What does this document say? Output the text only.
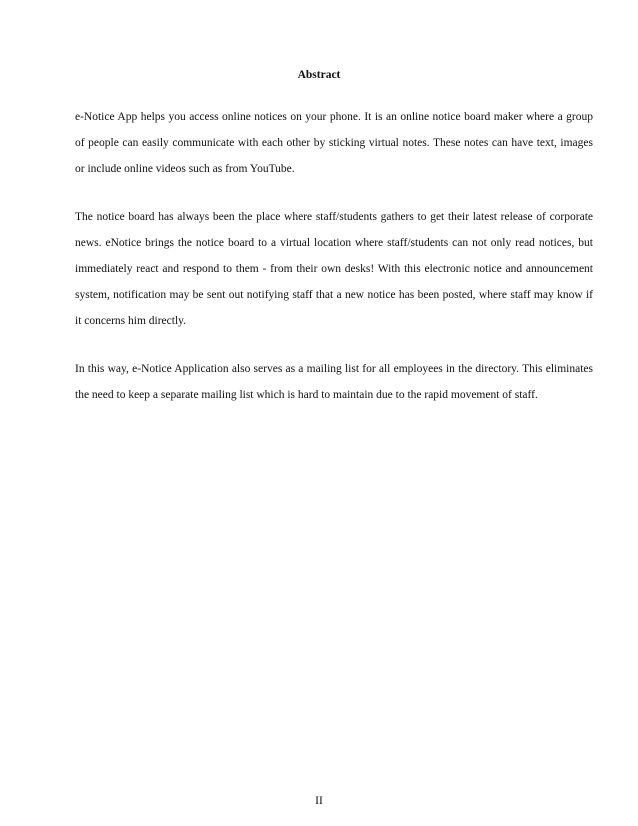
Abstract

e-Notice App helps you access online notices on your phone. It is an online notice board maker where a group of people can easily communicate with each other by sticking virtual notes. These notes can have text, images or include online videos such as from YouTube.

The notice board has always been the place where staff/students gathers to get their latest release of corporate news. eNotice brings the notice board to a virtual location where staff/students can not only read notices, but immediately react and respond to them - from their own desks! With this electronic notice and announcement system, notification may be sent out notifying staff that a new notice has been posted, where staff may know if it concerns him directly.

In this way, e-Notice Application also serves as a mailing list for all employees in the directory. This eliminates the need to keep a separate mailing list which is hard to maintain due to the rapid movement of staff.

II
